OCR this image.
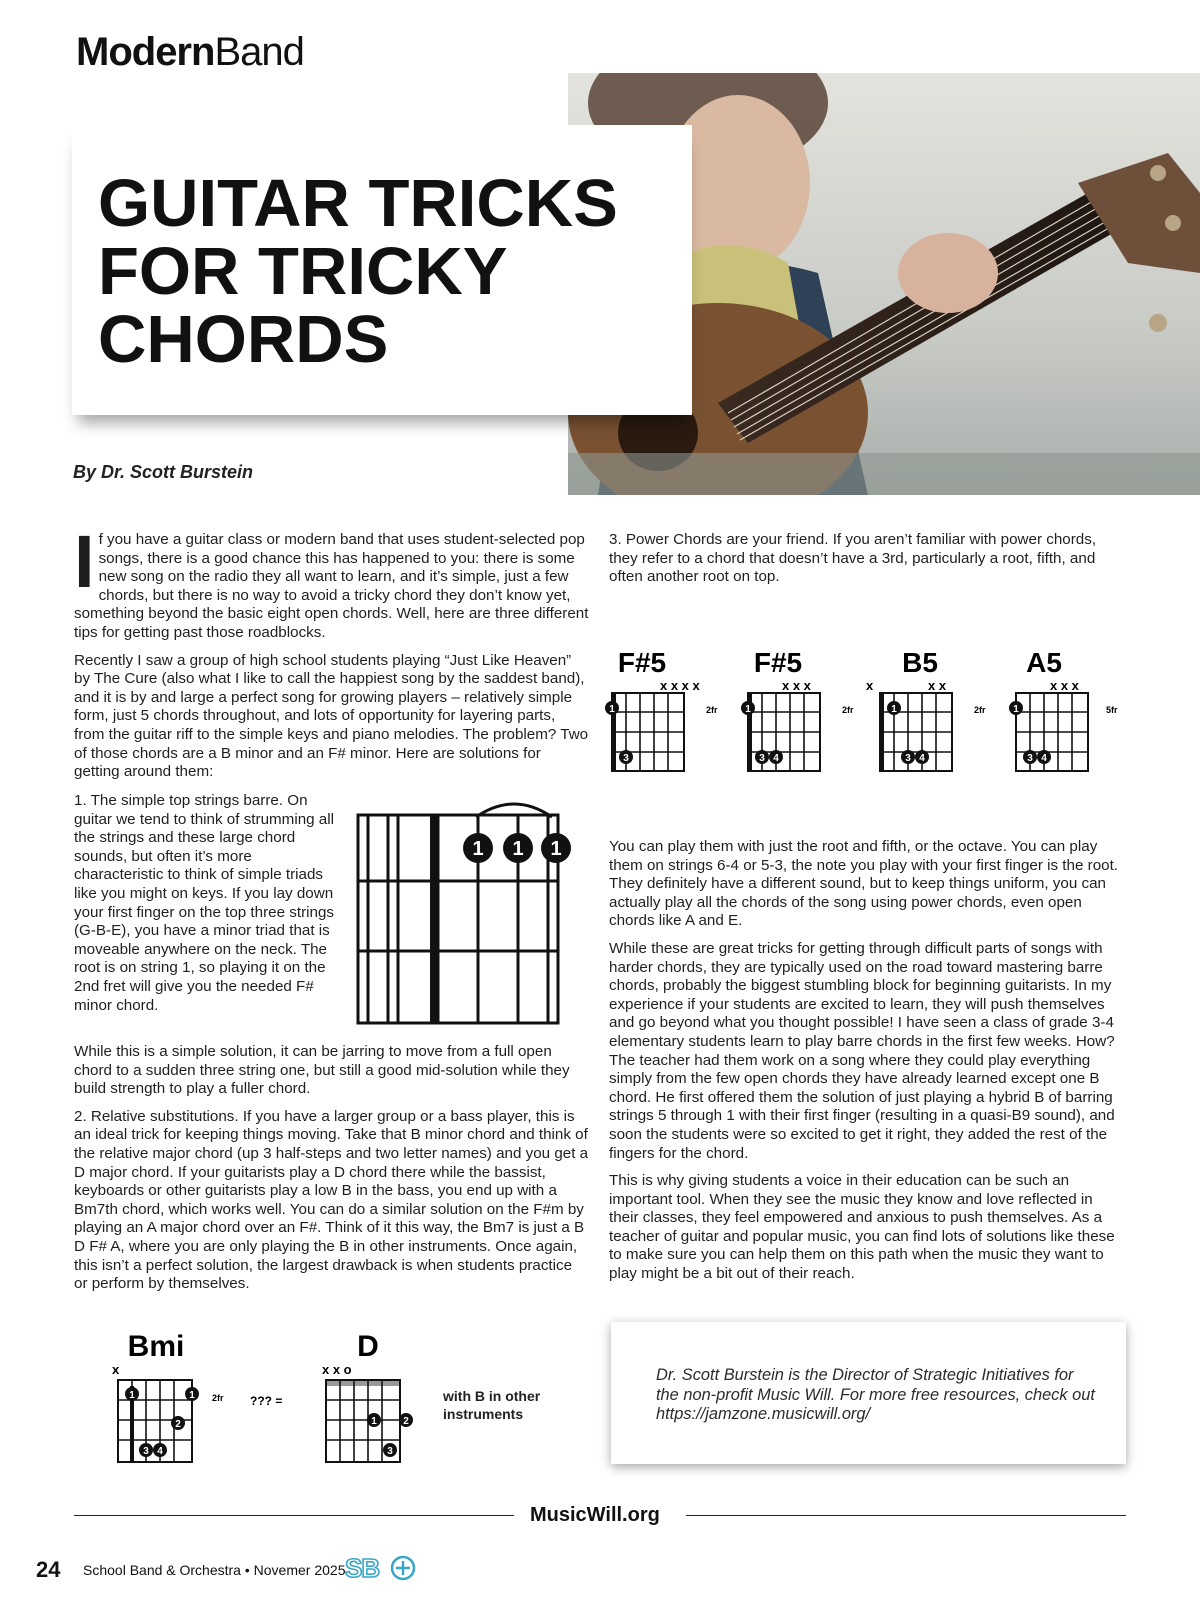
ModernBand
GUITAR TRICKS
FOR TRICKY
CHORDS
By Dr. Scott Burstein

If you have a guitar class or modern band that uses student-selected pop songs, there is a good chance this has happened to you: there is some new song on the radio they all want to learn, and it’s simple, just a few chords, but there is no way to avoid a tricky chord they don’t know yet, something beyond the basic eight open chords. Well, here are three different tips for getting past those roadblocks.

Recently I saw a group of high school students playing “Just Like Heaven” by The Cure (also what I like to call the happiest song by the saddest band), and it is by and large a perfect song for growing players – relatively simple form, just 5 chords throughout, and lots of opportunity for layering parts, from the guitar riff to the simple keys and piano melodies. The problem? Two of those chords are a B minor and an F# minor. Here are solutions for getting around them:

1. The simple top strings barre. On guitar we tend to think of strumming all the strings and these large chord sounds, but often it’s more characteristic to think of simple triads like you might on keys. If you lay down your first finger on the top three strings (G-B-E), you have a minor triad that is moveable anywhere on the neck. The root is on string 1, so playing it on the 2nd fret will give you the needed F# minor chord.
1 1 1

While this is a simple solution, it can be jarring to move from a full open chord to a sudden three string one, but still a good mid-solution while they build strength to play a fuller chord.

2. Relative substitutions. If you have a larger group or a bass player, this is an ideal trick for keeping things moving. Take that B minor chord and think of the relative major chord (up 3 half-steps and two letter names) and you get a D major chord. If your guitarists play a D chord there while the bassist, keyboards or other guitarists play a low B in the bass, you end up with a Bm7th chord, which works well. You can do a similar solution on the F#m by playing an A major chord over an F#. Think of it this way, the Bm7 is just a B D F# A, where you are only playing the B in other instruments. Once again, this isn’t a perfect solution, the largest drawback is when students practice or perform by themselves.

3. Power Chords are your friend. If you aren’t familiar with power chords, they refer to a chord that doesn’t have a 3rd, particularly a root, fifth, and often another root on top.
F#5
x x x x
1
3
2fr
F#5
x x x
1
3 4
2fr
B5
x	x x
1
3 4
2fr
A5
x x x
1
3 4
5fr

You can play them with just the root and fifth, or the octave. You can play them on strings 6-4 or 5-3, the note you play with your first finger is the root. They definitely have a different sound, but to keep things uniform, you can actually play all the chords of the song using power chords, even open chords like A and E.

While these are great tricks for getting through difficult parts of songs with harder chords, they are typically used on the road toward mastering barre chords, probably the biggest stumbling block for beginning guitarists. In my experience if your students are excited to learn, they will push themselves and go beyond what you thought possible! I have seen a class of grade 3-4 elementary students learn to play barre chords in the first few weeks. How? The teacher had them work on a song where they could play everything simply from the few open chords they have already learned except one B chord. He first offered them the solution of just playing a hybrid B of barring strings 5 through 1 with their first finger (resulting in a quasi-B9 sound), and soon the students were so excited to get it right, they added the rest of the fingers for the chord.

This is why giving students a voice in their education can be such an important tool. When they see the music they know and love reflected in their classes, they feel empowered and anxious to push themselves. As a teacher of guitar and popular music, you can find lots of solutions like these to make sure you can help them on this path when the music they want to play might be a bit out of their reach.

Bmi
x
1	1
2
3 4
2fr ??? =
D
x x o
1	2
3
with B in other instruments
Dr. Scott Burstein is the Director of Strategic Initiatives for the non-profit Music Will. For more free resources, check out https://jamzone.musicwill.org/
MusicWill.org
24 School Band & Orchestra • Novemer 2025 SB
